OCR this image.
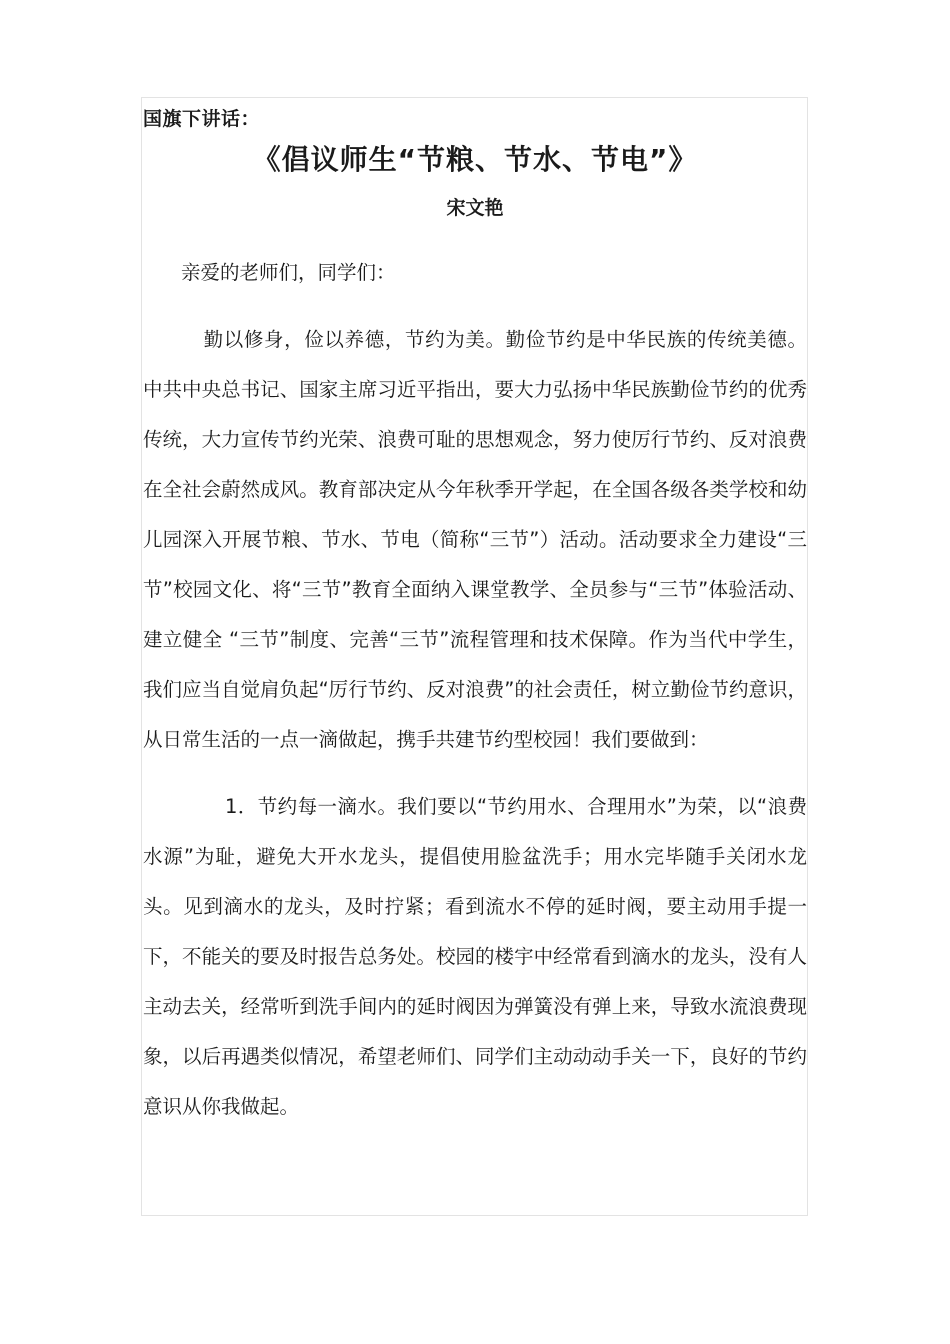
国旗下讲话：
《倡议师生“节粮、节水、节电”》
宋文艳
亲爱的老师们，同学们：
勤以修身，俭以养德，节约为美。勤俭节约是中华民族的传统美德。中共中央总书记、国家主席习近平指出，要大力弘扬中华民族勤俭节约的优秀传统，大力宣传节约光荣、浪费可耻的思想观念，努力使厉行节约、反对浪费在全社会蔚然成风。教育部决定从今年秋季开学起，在全国各级各类学校和幼儿园深入开展节粮、节水、节电（简称“三节”）活动。活动要求全力建设“三节”校园文化、将“三节”教育全面纳入课堂教学、全员参与“三节”体验活动、建立健全 “三节”制度、完善“三节”流程管理和技术保障。作为当代中学生，我们应当自觉肩负起“厉行节约、反对浪费”的社会责任，树立勤俭节约意识，从日常生活的一点一滴做起，携手共建节约型校园！我们要做到：
1．节约每一滴水。我们要以“节约用水、合理用水”为荣，以“浪费水源”为耻，避免大开水龙头，提倡使用脸盆洗手；用水完毕随手关闭水龙头。见到滴水的龙头，及时拧紧；看到流水不停的延时阀，要主动用手提一下，不能关的要及时报告总务处。校园的楼宇中经常看到滴水的龙头，没有人主动去关，经常听到洗手间内的延时阀因为弹簧没有弹上来，导致水流浪费现象，以后再遇类似情况，希望老师们、同学们主动动动手关一下，良好的节约意识从你我做起。
